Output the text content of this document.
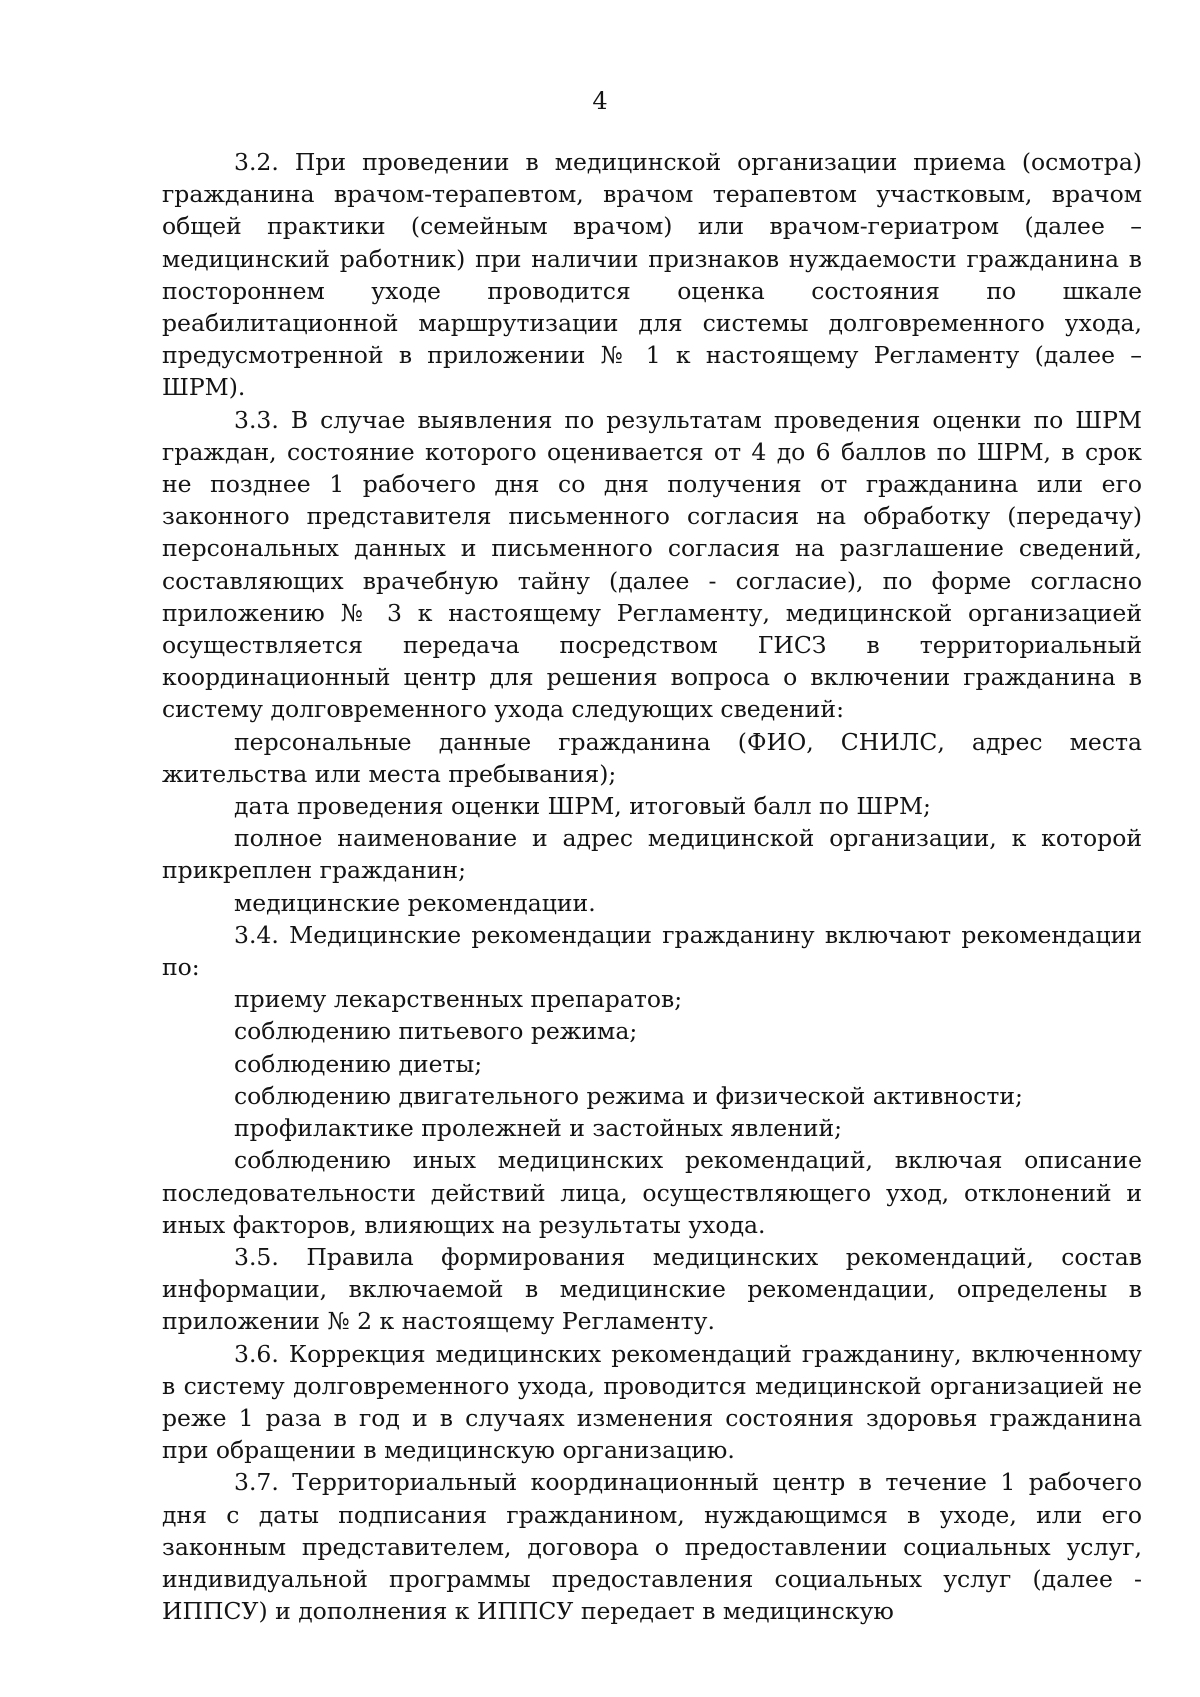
4

3.2. При проведении в медицинской организации приема (осмотра) гражданина врачом-терапевтом, врачом терапевтом участковым, врачом общей практики (семейным врачом) или врачом-гериатром (далее – медицинский работник) при наличии признаков нуждаемости гражданина в постороннем уходе проводится оценка состояния по шкале реабилитационной маршрутизации для системы долговременного ухода, предусмотренной в приложении № 1 к настоящему Регламенту (далее – ШРМ).

3.3. В случае выявления по результатам проведения оценки по ШРМ граждан, состояние которого оценивается от 4 до 6 баллов по ШРМ, в срок не позднее 1 рабочего дня со дня получения от гражданина или его законного представителя письменного согласия на обработку (передачу) персональных данных и письменного согласия на разглашение сведений, составляющих врачебную тайну (далее - согласие), по форме согласно приложению № 3 к настоящему Регламенту, медицинской организацией осуществляется передача посредством ГИСЗ в территориальный координационный центр для решения вопроса о включении гражданина в систему долговременного ухода следующих сведений:

персональные данные гражданина (ФИО, СНИЛС, адрес места жительства или места пребывания);

дата проведения оценки ШРМ, итоговый балл по ШРМ;

полное наименование и адрес медицинской организации, к которой прикреплен гражданин;

медицинские рекомендации.

3.4. Медицинские рекомендации гражданину включают рекомендации по:

приему лекарственных препаратов;

соблюдению питьевого режима;

соблюдению диеты;

соблюдению двигательного режима и физической активности;

профилактике пролежней и застойных явлений;

соблюдению иных медицинских рекомендаций, включая описание последовательности действий лица, осуществляющего уход, отклонений и иных факторов, влияющих на результаты ухода.

3.5. Правила формирования медицинских рекомендаций, состав информации, включаемой в медицинские рекомендации, определены в приложении № 2 к настоящему Регламенту.

3.6. Коррекция медицинских рекомендаций гражданину, включенному в систему долговременного ухода, проводится медицинской организацией не реже 1 раза в год и в случаях изменения состояния здоровья гражданина при обращении в медицинскую организацию.

3.7. Территориальный координационный центр в течение 1 рабочего дня с даты подписания гражданином, нуждающимся в уходе, или его законным представителем, договора о предоставлении социальных услуг, индивидуальной программы предоставления социальных услуг (далее - ИППСУ) и дополнения к ИППСУ передает в медицинскую
